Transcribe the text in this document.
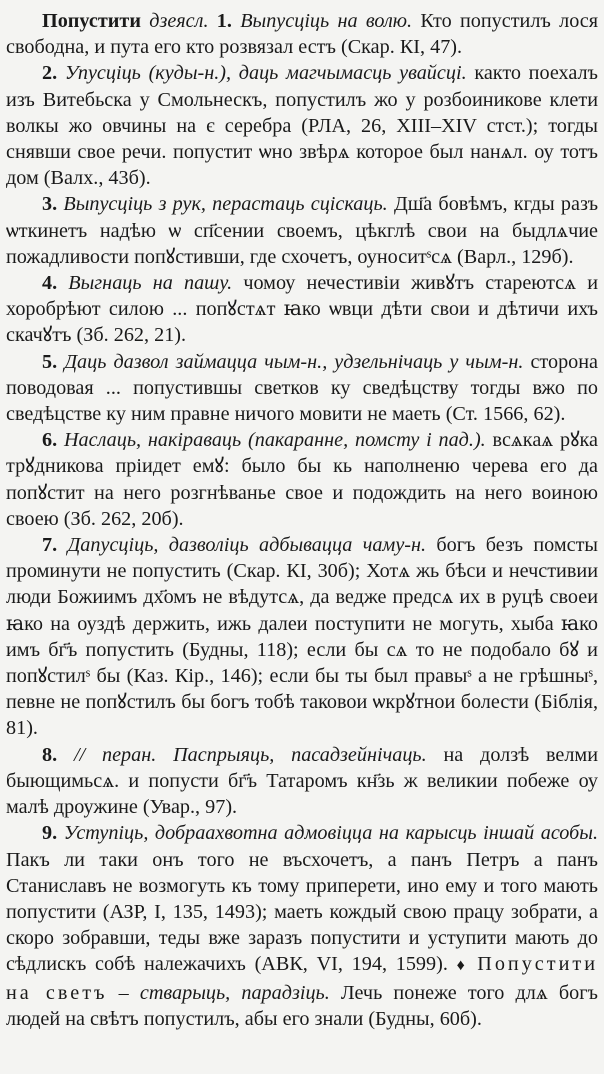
Попустити дзеясл. 1. Выпусціць на волю. Кто попустилъ лося свободна, и пута его кто розвязал естъ (Скар. КІ, 47).

2. Упусціць (куды-н.), даць магчымасць увайсці. както поехалъ изъ Витебьска у Смольнескъ, попустилъ жо у розбоиникове клети волкы жо овчины на є серебра (РЛА, 26, XIII–XIV стст.); тогды снявши свое речи. попустит ѡно звѣрѧ которое был нанѧл. оу тотъ дом (Валх., 43б).

3. Выпусціць з рук, перастаць сціскаць. Дш҃а бовѣмъ, кгды разъ ѡткинетъ надѣю ѡ сп҃сении своемъ, цѣкглѣ свои на быдлѧчие пожадливости попꙋстивши, где схочетъ, оуноситˢсѧ (Варл., 129б).

4. Выгнаць на пашу. чомоу нечестивіи живꙋтъ стареютсѧ и хоробрѣют силою ... попꙋстѧт ꙗко ѡвци дѣти свои и дѣтичи ихъ скачꙋтъ (Зб. 262, 21).

5. Даць дазвол займацца чым-н., удзельнічаць у чым-н. сторона поводовая ... попустившы светков ку сведѣцству тогды вжо по сведѣцстве ку ним правне ничого мовити не маеть (Ст. 1566, 62).

6. Наслаць, накіраваць (пакаранне, помсту і пад.). всѧкаѧ рꙋка трꙋдникова прiидет емꙋ: было бы кь наполненю черева его да попꙋстит на него розгнѣванье свое и подождить на него воиною своею (Зб. 262, 20б).

7. Дапусціць, дазволіць адбывацца чаму-н. богъ безъ помсты проминути не попустить (Скар. КІ, 30б); Хотѧ жь бѣси и нечстивии люди Божиимъ дх҃омъ не вѣдутсѧ, да ведже предсѧ их в руцѣ своеи ꙗко на оуздѣ держить, ижь далеи поступити не могуть, хыба ꙗко имъ бг҃ъ попустить (Будны, 118); если бы сѧ то не подобало бꙋ и попꙋстилˢ бы (Каз. Кір., 146); если бы ты был правыˢ а не грѣшныˢ, певне не попꙋстилъ бы богъ тобѣ таковои ѡкрꙋтнои болести (Біблія, 81).

8. // перан. Паспрыяць, пасадзейнічаць. на долзѣ велми быющимьсѧ. и попусти бг҃ъ Татаромъ кн҃зь ж великии побеже оу малѣ дроужине (Увар., 97).

9. Уступіць, добраахвотна адмовіцца на карысць іншай асобы. Пакъ ли таки онъ того не въсхочетъ, а панъ Петръ а панъ Станиславъ не возмогуть къ тому приперети, ино ему и того мають попустити (АЗР, І, 135, 1493); маеть кождый свою працу зобрати, а скоро зобравши, теды вже заразъ попустити и уступити мають до сѣдлискъ собѣ належачихъ (АВК, VI, 194, 1599). ♦ Попустити на светъ – стварыць, парадзіць. Лечь понеже того длѧ богъ людей на свѣтъ попустилъ, абы его знали (Будны, 60б).
